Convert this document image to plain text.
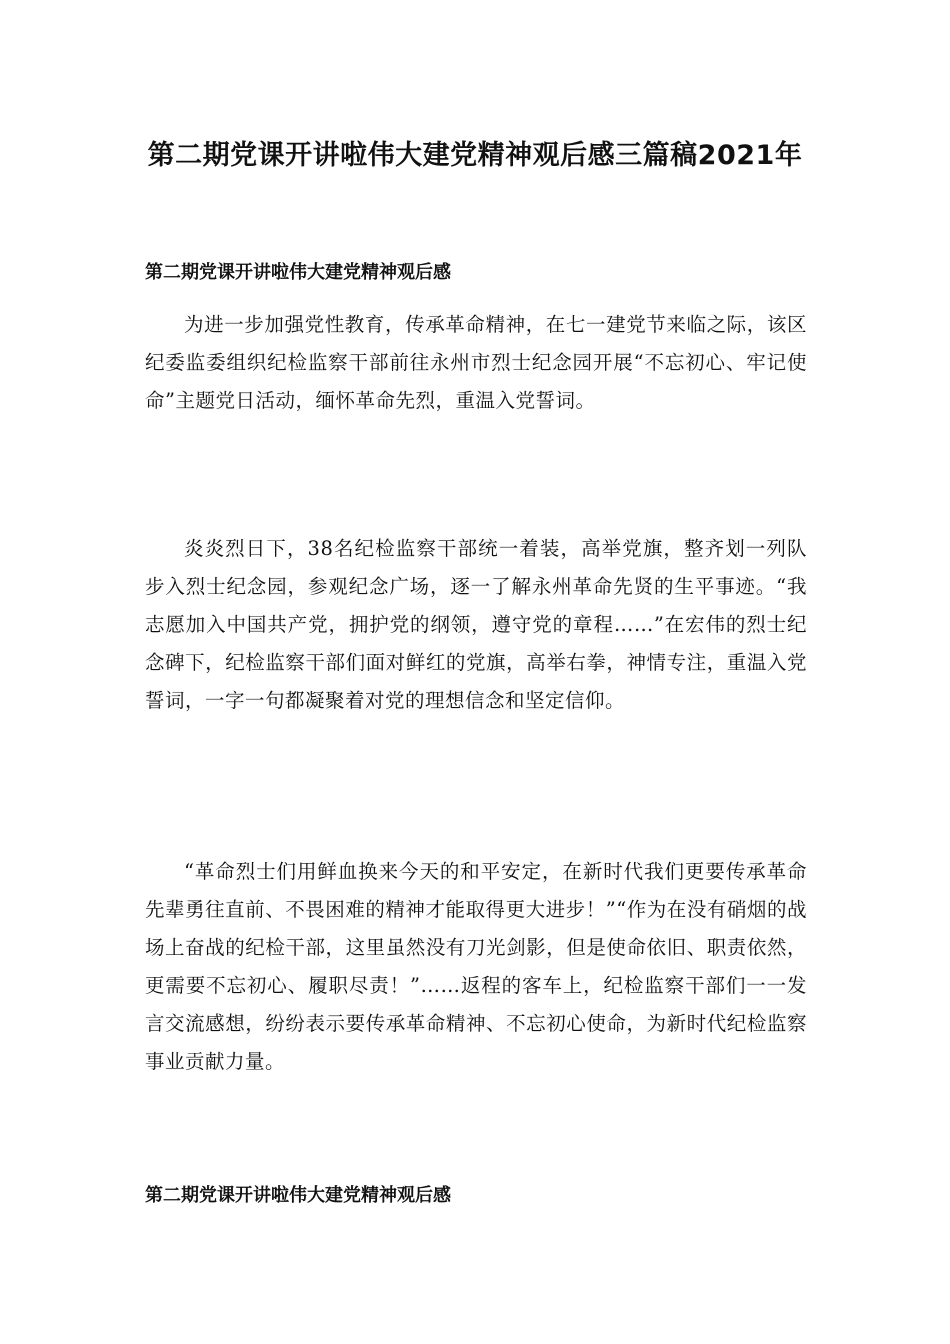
第二期党课开讲啦伟大建党精神观后感三篇稿2021年
第二期党课开讲啦伟大建党精神观后感

为进一步加强党性教育，传承革命精神，在七一建党节来临之际，该区纪委监委组织纪检监察干部前往永州市烈士纪念园开展“不忘初心、牢记使命”主题党日活动，缅怀革命先烈，重温入党誓词。

炎炎烈日下，38名纪检监察干部统一着装，高举党旗，整齐划一列队步入烈士纪念园，参观纪念广场，逐一了解永州革命先贤的生平事迹。“我志愿加入中国共产党，拥护党的纲领，遵守党的章程……”在宏伟的烈士纪念碑下，纪检监察干部们面对鲜红的党旗，高举右拳，神情专注，重温入党誓词，一字一句都凝聚着对党的理想信念和坚定信仰。

“革命烈士们用鲜血换来今天的和平安定，在新时代我们更要传承革命先辈勇往直前、不畏困难的精神才能取得更大进步！”“作为在没有硝烟的战场上奋战的纪检干部，这里虽然没有刀光剑影，但是使命依旧、职责依然，更需要不忘初心、履职尽责！”……返程的客车上，纪检监察干部们一一发言交流感想，纷纷表示要传承革命精神、不忘初心使命，为新时代纪检监察事业贡献力量。

第二期党课开讲啦伟大建党精神观后感
